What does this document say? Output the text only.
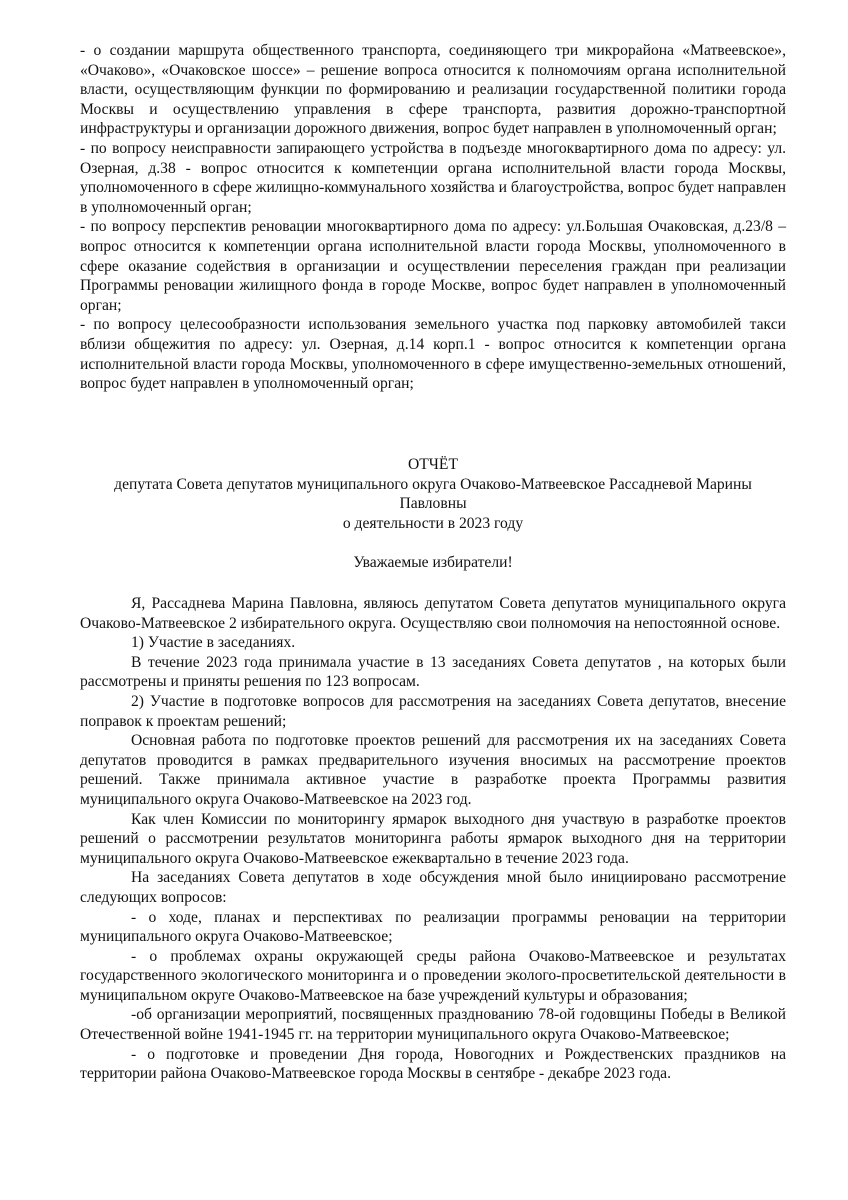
- о создании маршрута общественного транспорта, соединяющего три микрорайона «Матвеевское», «Очаково», «Очаковское шоссе» – решение вопроса относится к полномочиям органа исполнительной власти, осуществляющим функции по формированию и реализации государственной политики города Москвы и осуществлению управления в сфере транспорта, развития дорожно-транспортной инфраструктуры и организации дорожного движения, вопрос будет направлен в уполномоченный орган;

- по вопросу неисправности запирающего устройства в подъезде многоквартирного дома по адресу: ул. Озерная, д.38 - вопрос относится к компетенции органа исполнительной власти города Москвы, уполномоченного в сфере жилищно-коммунального хозяйства и благоустройства, вопрос будет направлен в уполномоченный орган;

- по вопросу перспектив реновации многоквартирного дома по адресу: ул.Большая Очаковская, д.23/8 –вопрос относится к компетенции органа исполнительной власти города Москвы, уполномоченного в сфере оказание содействия в организации и осуществлении переселения граждан при реализации Программы реновации жилищного фонда в городе Москве, вопрос будет направлен в уполномоченный орган;

- по вопросу целесообразности использования земельного участка под парковку автомобилей такси вблизи общежития по адресу: ул. Озерная, д.14 корп.1 - вопрос относится к компетенции органа исполнительной власти города Москвы, уполномоченного в сфере имущественно-земельных отношений, вопрос будет направлен в уполномоченный орган;

ОТЧЁТ

депутата Совета депутатов муниципального округа Очаково-Матвеевское Рассадневой Марины

Павловны

о деятельности в 2023 году

Уважаемые избиратели!

Я, Рассаднева Марина Павловна, являюсь депутатом Совета депутатов муниципального округа Очаково-Матвеевское 2 избирательного округа. Осуществляю свои полномочия на непостоянной основе.

1) Участие в заседаниях.

В течение 2023 года принимала участие в 13 заседаниях Совета депутатов , на которых были рассмотрены и приняты решения по 123 вопросам.

2) Участие в подготовке вопросов для рассмотрения на заседаниях Совета депутатов, внесение поправок к проектам решений;

Основная работа по подготовке проектов решений для рассмотрения их на заседаниях Совета депутатов проводится в рамках предварительного изучения вносимых на рассмотрение проектов решений. Также принимала активное участие в разработке проекта Программы развития муниципального округа Очаково-Матвеевское на 2023 год.

Как член Комиссии по мониторингу ярмарок выходного дня участвую в разработке проектов решений о рассмотрении результатов мониторинга работы ярмарок выходного дня на территории муниципального округа Очаково-Матвеевское ежеквартально в течение 2023 года.

На заседаниях Совета депутатов в ходе обсуждения мной было инициировано рассмотрение следующих вопросов:

- о ходе, планах и перспективах по реализации программы реновации на территории муниципального округа Очаково-Матвеевское;

- о проблемах охраны окружающей среды района Очаково-Матвеевское и результатах государственного экологического мониторинга и о проведении эколого-просветительской деятельности в муниципальном округе Очаково-Матвеевское на базе учреждений культуры и образования;

-об организации мероприятий, посвященных празднованию 78-ой годовщины Победы в Великой Отечественной войне 1941-1945 гг. на территории муниципального округа Очаково-Матвеевское;

- о подготовке и проведении Дня города, Новогодних и Рождественских праздников на территории района Очаково-Матвеевское города Москвы в сентябре - декабре 2023 года.
